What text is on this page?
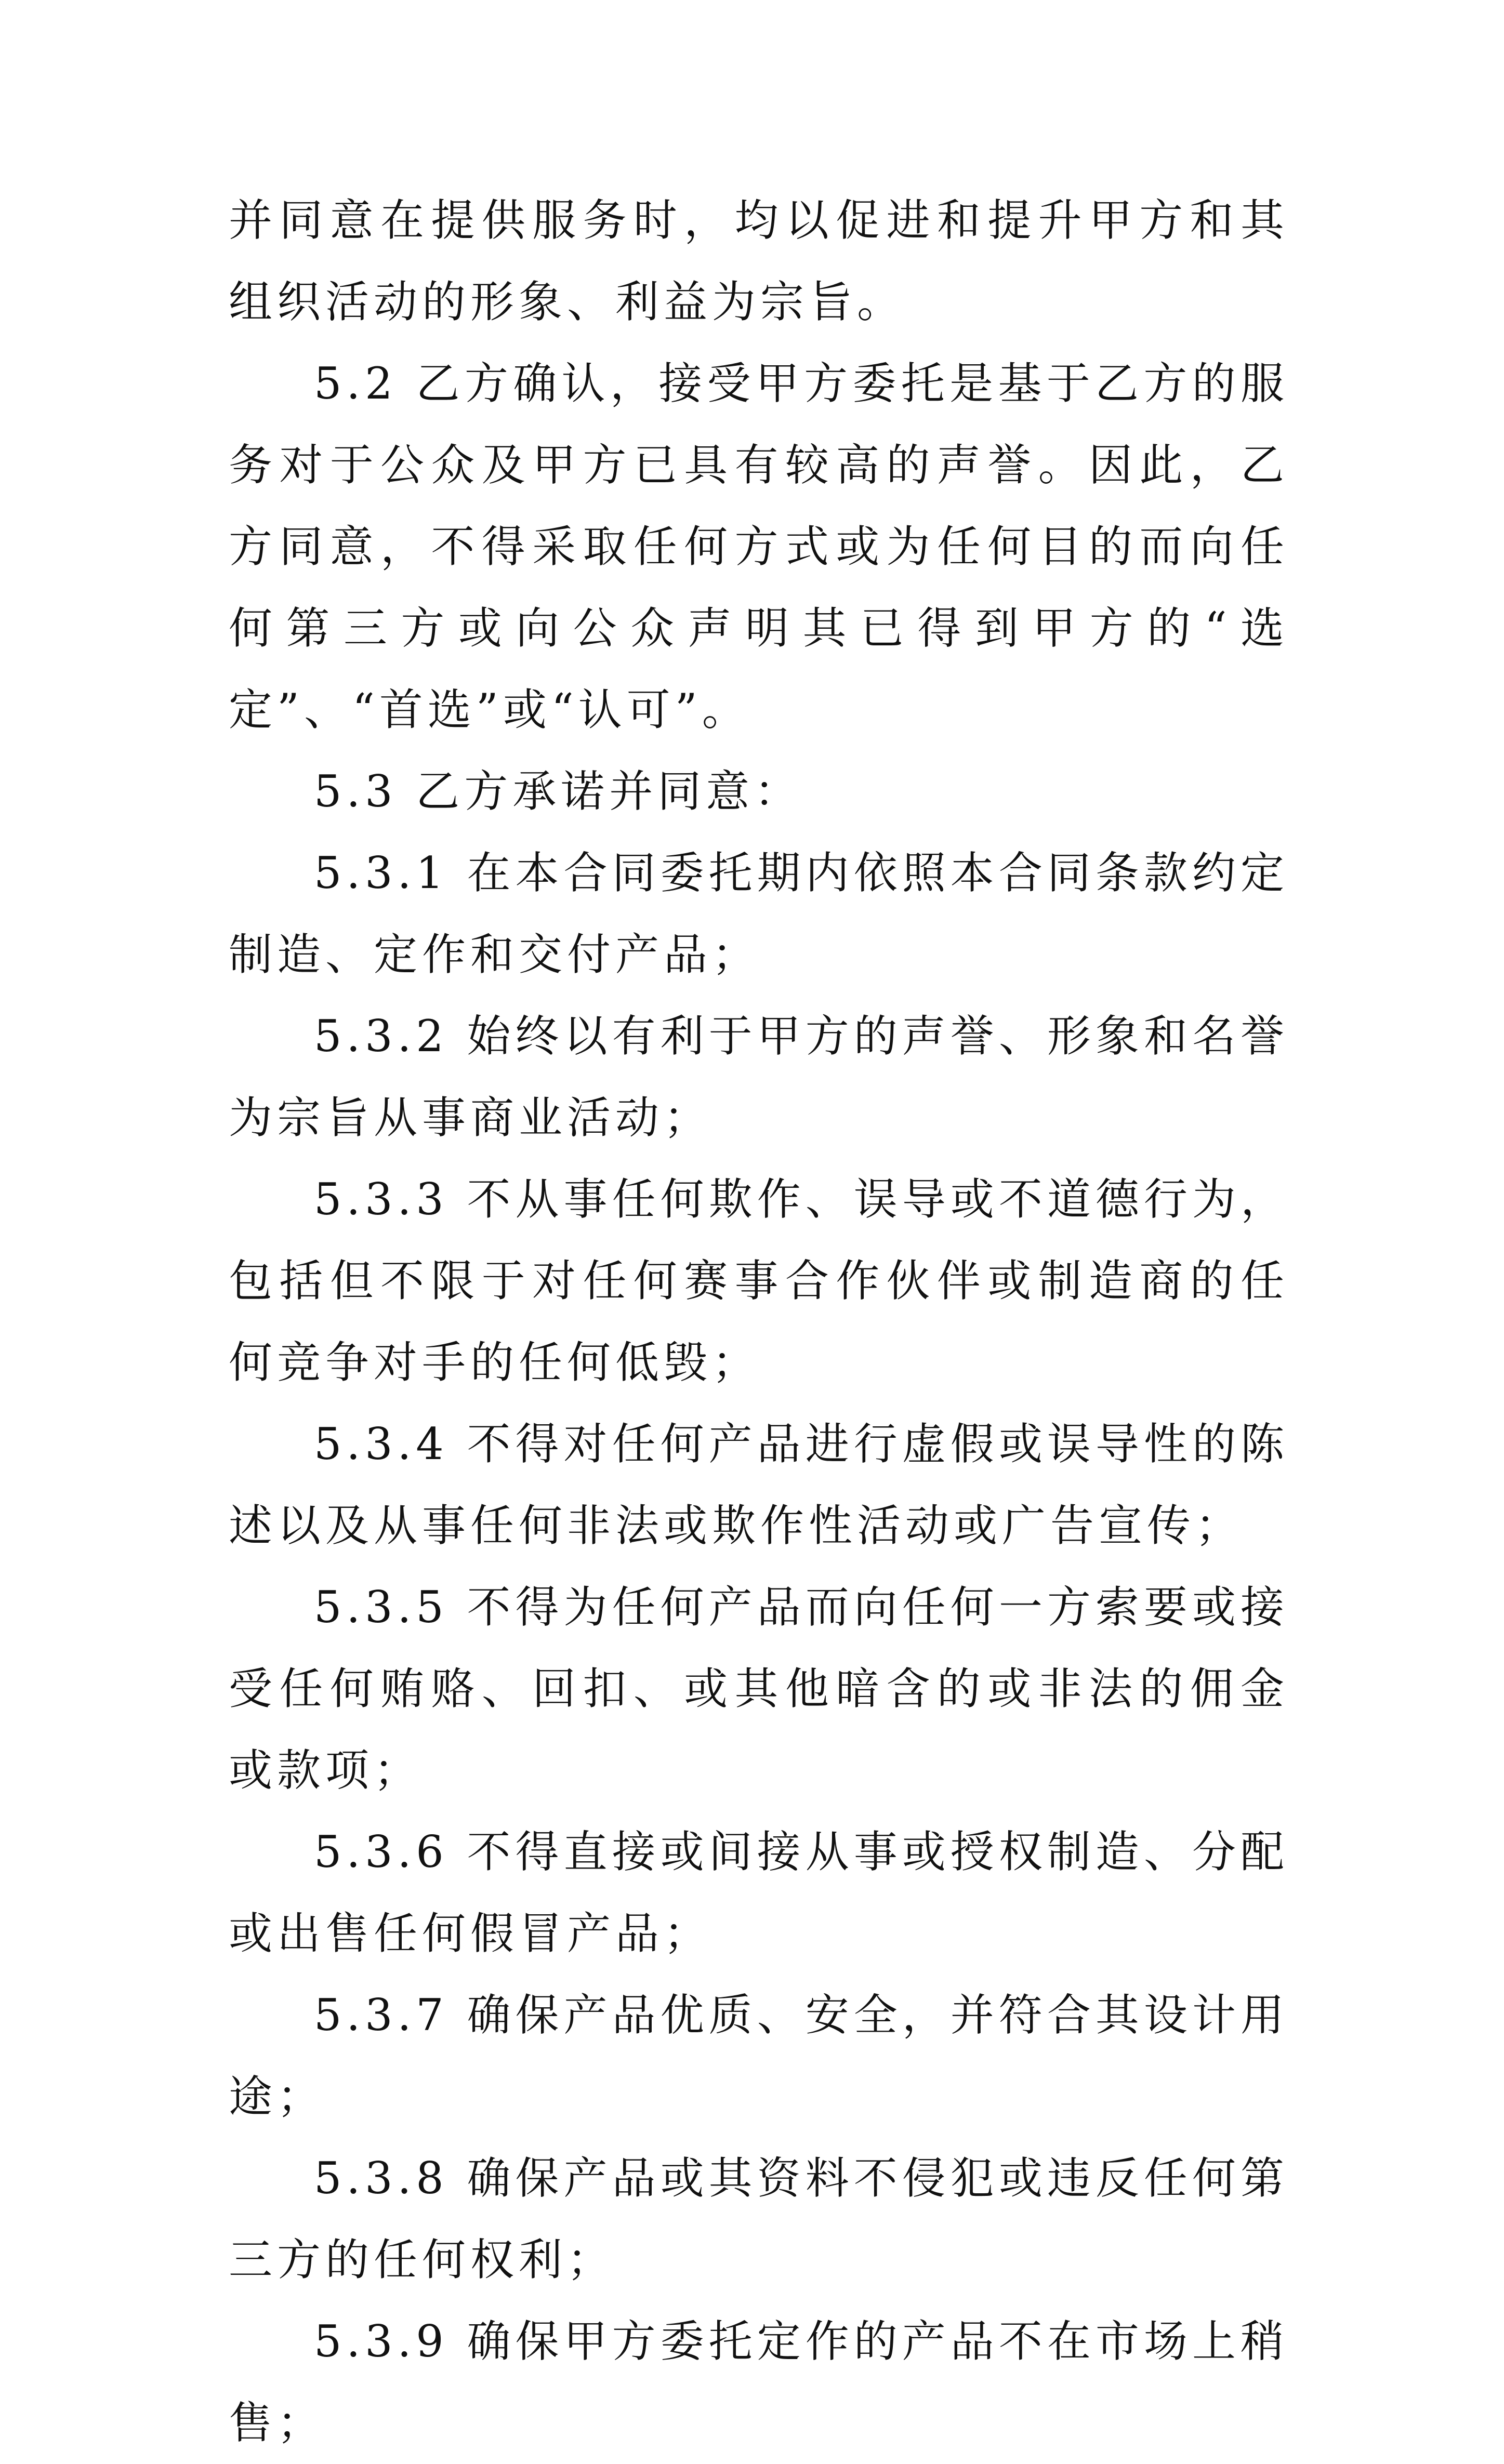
并同意在提供服务时，均以促进和提升甲方和其组织活动的形象、利益为宗旨。

5.2 乙方确认，接受甲方委托是基于乙方的服务对于公众及甲方已具有较高的声誉。因此，乙方同意，不得采取任何方式或为任何目的而向任何第三方或向公众声明其已得到甲方的“选定”、“首选”或“认可”。

5.3 乙方承诺并同意：

5.3.1 在本合同委托期内依照本合同条款约定制造、定作和交付产品；

5.3.2 始终以有利于甲方的声誉、形象和名誉为宗旨从事商业活动；

5.3.3 不从事任何欺作、误导或不道德行为，包括但不限于对任何赛事合作伙伴或制造商的任何竞争对手的任何低毁；

5.3.4 不得对任何产品进行虚假或误导性的陈述以及从事任何非法或欺作性活动或广告宣传；

5.3.5 不得为任何产品而向任何一方索要或接受任何贿赂、回扣、或其他暗含的或非法的佣金或款项；

5.3.6 不得直接或间接从事或授权制造、分配或出售任何假冒产品；

5.3.7 确保产品优质、安全，并符合其设计用途；

5.3.8 确保产品或其资料不侵犯或违反任何第三方的任何权利；

5.3.9 确保甲方委托定作的产品不在市场上稍售；
